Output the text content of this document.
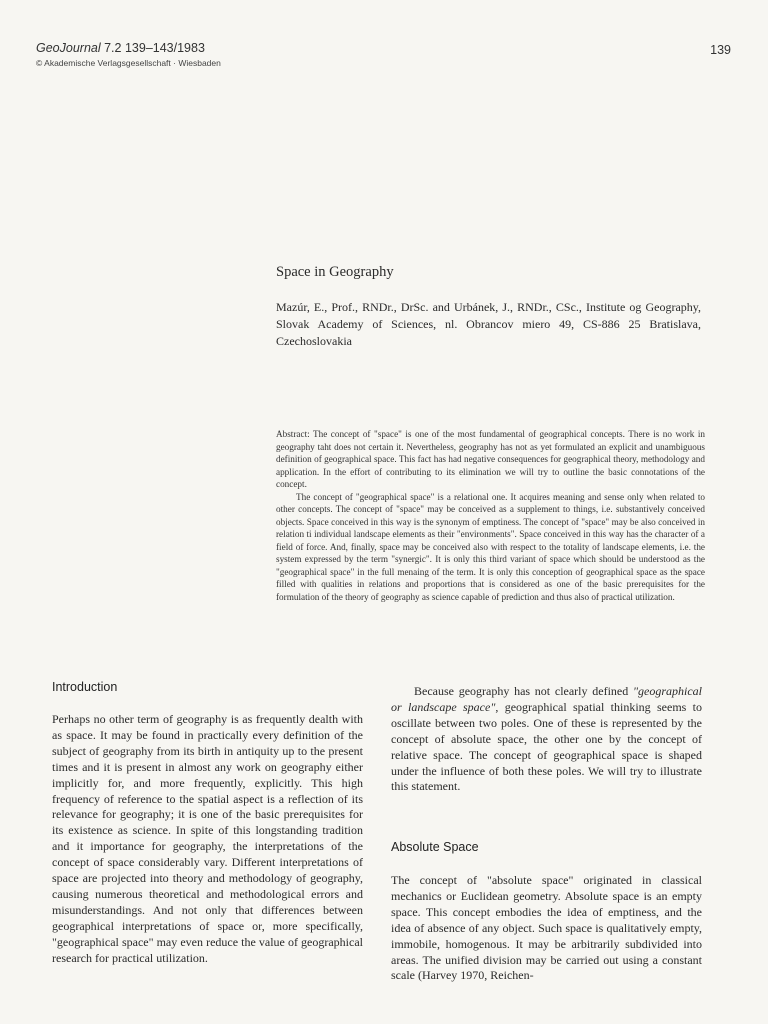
GeoJournal 7.2 139–143/1983
© Akademische Verlagsgesellschaft · Wiesbaden
139
Space in Geography

Mazúr, E., Prof., RNDr., DrSc. and Urbánek, J., RNDr., CSc., Institute og Geography, Slovak Academy of Sciences, nl. Obrancov miero 49, CS-886 25 Bratislava, Czechoslovakia

Abstract: The concept of "space" is one of the most fundamental of geographical concepts. There is no work in geography taht does not certain it. Nevertheless, geography has not as yet formulated an explicit and unambiguous definition of geographical space. This fact has had negative consequences for geographical theory, methodology and application. In the effort of contributing to its elimination we will try to outline the basic connotations of the concept.

The concept of "geographical space" is a relational one. It acquires meaning and sense only when related to other concepts. The concept of "space" may be conceived as a supplement to things, i.e. substantively conceived objects. Space conceived in this way is the synonym of emptiness. The concept of "space" may be also conceived in relation ti individual landscape elements as their "environments". Space conceived in this way has the character of a field of force. And, finally, space may be conceived also with respect to the totality of landscape elements, i.e. the system expressed by the term "synergic". It is only this third variant of space which should be understood as the "geographical space" in the full menaing of the term. It is only this conception of geographical space as the space filled with qualities in relations and proportions that is considered as one of the basic prerequisites for the formulation of the theory of geography as science capable of prediction and thus also of practical utilization.

Introduction

Perhaps no other term of geography is as frequently dealth with as space. It may be found in practically every definition of the subject of geography from its birth in antiquity up to the present times and it is present in almost any work on geography either implicitly for, and more frequently, explicitly. This high frequency of reference to the spatial aspect is a reflection of its relevance for geography; it is one of the basic prerequisites for its existence as science. In spite of this longstanding tradition and it importance for geography, the interpretations of the concept of space considerably vary. Different interpretations of space are projected into theory and methodology of geography, causing numerous theoretical and methodological errors and misunderstandings. And not only that differences between geographical interpretations of space or, more specifically, "geographical space" may even reduce the value of geographical research for practical utilization.

Because geography has not clearly defined "geographical or landscape space", geographical spatial thinking seems to oscillate between two poles. One of these is represented by the concept of absolute space, the other one by the concept of relative space. The concept of geographical space is shaped under the influence of both these poles. We will try to illustrate this statement.

Absolute Space

The concept of "absolute space" originated in classical mechanics or Euclidean geometry. Absolute space is an empty space. This concept embodies the idea of emptiness, and the idea of absence of any object. Such space is qualitatively empty, immobile, homogenous. It may be arbitrarily subdivided into areas. The unified division may be carried out using a constant scale (Harvey 1970, Reichen-
